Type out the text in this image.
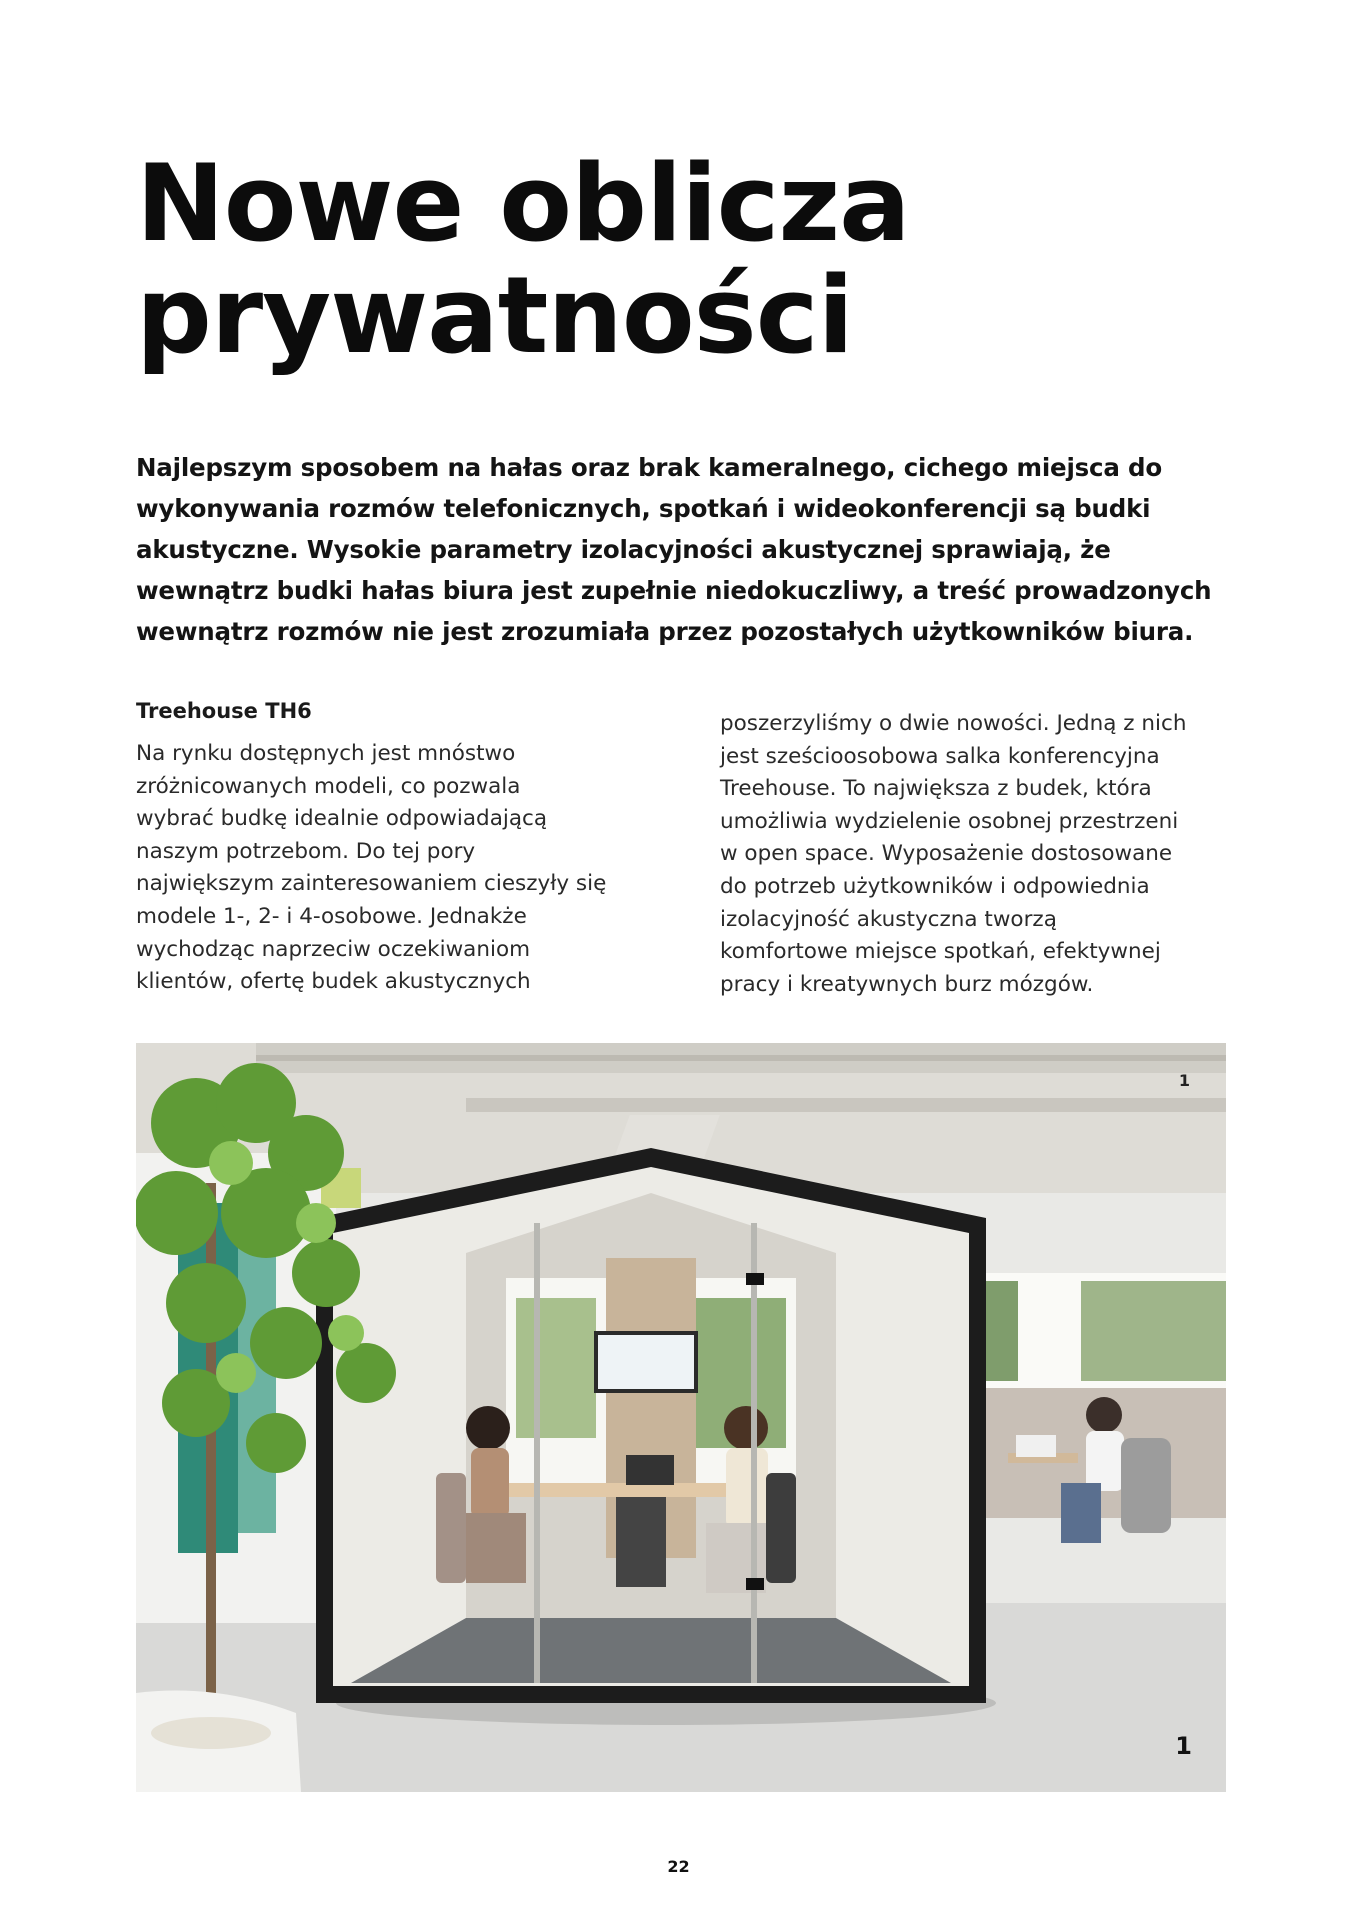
Nowe oblicza
prywatności

Najlepszym sposobem na hałas oraz brak kameralnego, cichego miejsca do wykonywania rozmów telefonicznych, spotkań i wideokonferencji są budki akustyczne. Wysokie parametry izolacyjności akustycznej sprawiają, że wewnątrz budki hałas biura jest zupełnie niedokuczliwy, a treść prowadzonych wewnątrz rozmów nie jest zrozumiała przez pozostałych użytkowników biura.

Treehouse TH6

Na rynku dostępnych jest mnóstwo
zróżnicowanych modeli, co pozwala
wybrać budkę idealnie odpowiadającą
naszym potrzebom. Do tej pory
największym zainteresowaniem cieszyły się
modele 1-, 2- i 4-osobowe. Jednakże
wychodząc naprzeciw oczekiwaniom
klientów, ofertę budek akustycznych

poszerzyliśmy o dwie nowości. Jedną z nich
jest sześcioosobowa salka konferencyjna
Treehouse. To największa z budek, która
umożliwia wydzielenie osobnej przestrzeni
w open space. Wyposażenie dostosowane
do potrzeb użytkowników i odpowiednia
izolacyjność akustyczna tworzą
komfortowe miejsce spotkań, efektywnej
pracy i kreatywnych burz mózgów.

1
1
22
